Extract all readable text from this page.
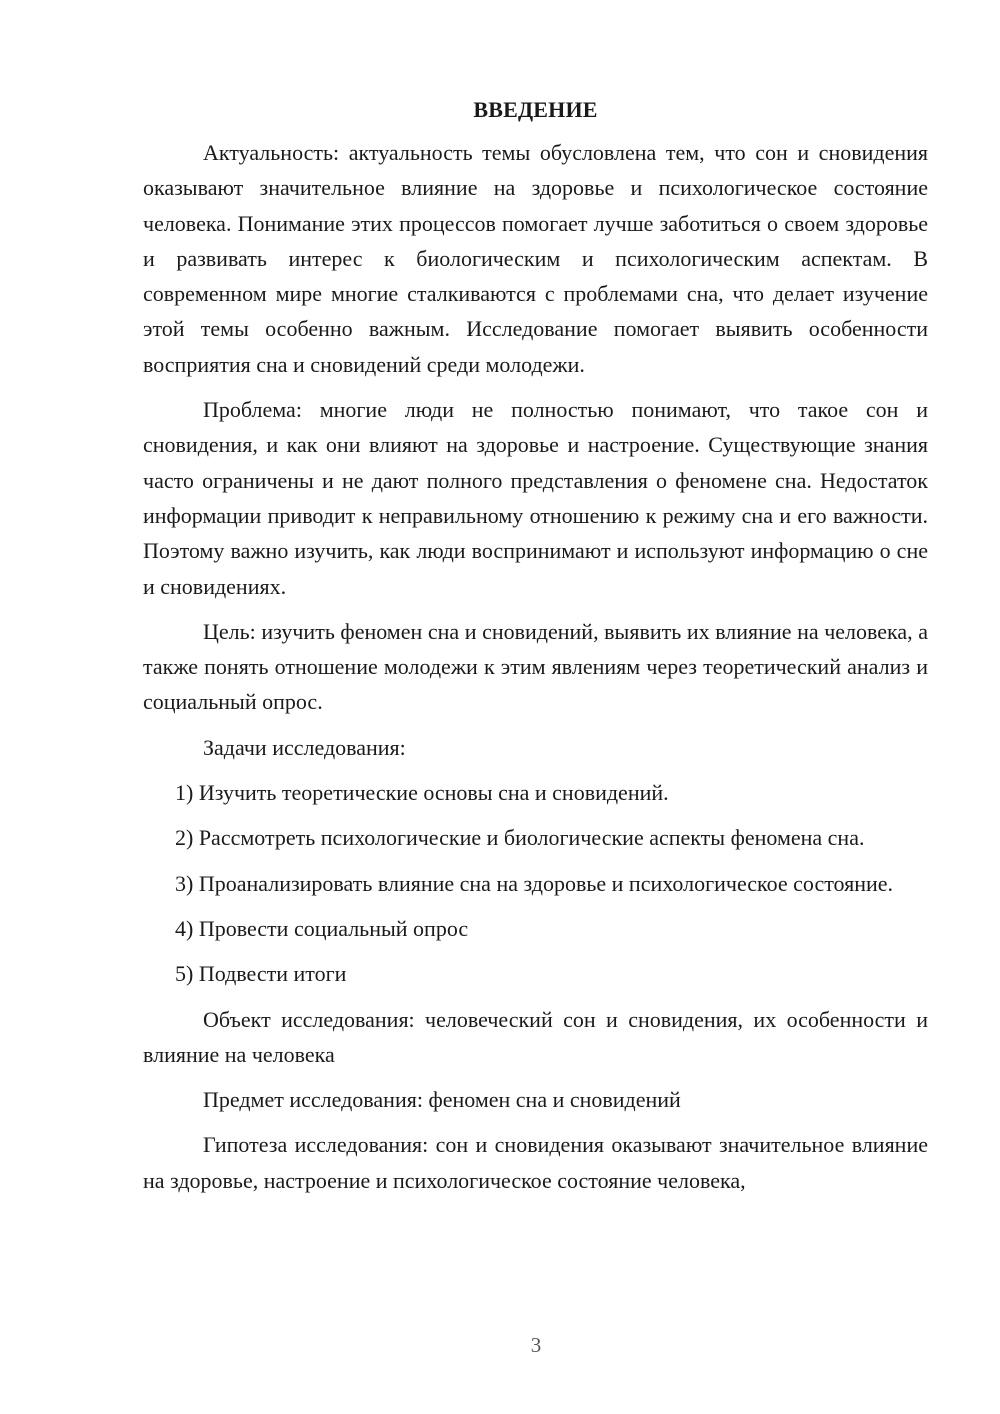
ВВЕДЕНИЕ

Актуальность: актуальность темы обусловлена тем, что сон и сновидения оказывают значительное влияние на здоровье и психологическое состояние человека. Понимание этих процессов помогает лучше заботиться о своем здоровье и развивать интерес к биологическим и психологическим аспектам. В современном мире многие сталкиваются с проблемами сна, что делает изучение этой темы особенно важным. Исследование помогает выявить особенности восприятия сна и сновидений среди молодежи.

Проблема: многие люди не полностью понимают, что такое сон и сновидения, и как они влияют на здоровье и настроение. Существующие знания часто ограничены и не дают полного представления о феномене сна. Недостаток информации приводит к неправильному отношению к режиму сна и его важности. Поэтому важно изучить, как люди воспринимают и используют информацию о сне и сновидениях.

Цель: изучить феномен сна и сновидений, выявить их влияние на человека, а также понять отношение молодежи к этим явлениям через теоретический анализ и социальный опрос.

Задачи исследования:

1) Изучить теоретические основы сна и сновидений.

2) Рассмотреть психологические и биологические аспекты феномена сна.

3) Проанализировать влияние сна на здоровье и психологическое состояние.

4) Провести социальный опрос

5) Подвести итоги

Объект исследования: человеческий сон и сновидения, их особенности и влияние на человека

Предмет исследования: феномен сна и сновидений

Гипотеза исследования: сон и сновидения оказывают значительное влияние на здоровье, настроение и психологическое состояние человека,

3
